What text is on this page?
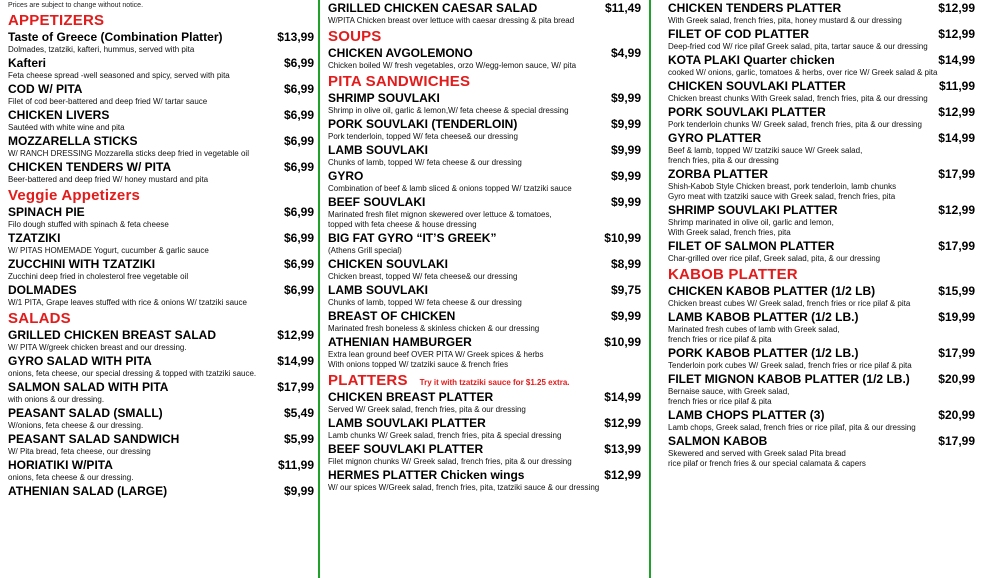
Prices are subject to change without notice.
APPETIZERS
Taste of Greece (Combination Platter)	$13,99
Dolmades, tzatziki, kafteri, hummus, served with pita
Kafteri	$6,99
Feta cheese spread -well seasoned and spicy, served with pita
COD W/ PITA	$6,99
Filet of cod beer-battered and deep fried W/ tartar sauce
CHICKEN LIVERS	$6,99
Sautéed with white wine and pita
MOZZARELLA STICKS	$6,99
W/ RANCH DRESSING Mozzarella sticks deep fried in vegetable oil
CHICKEN TENDERS W/ PITA	$6,99
Beer-battered and deep fried W/ honey mustard and pita
Veggie Appetizers
SPINACH PIE	$6,99
Filo dough stuffed with spinach & feta cheese
TZATZIKI	$6,99
W/ PITAS HOMEMADE Yogurt, cucumber & garlic sauce
ZUCCHINI WITH TZATZIKI	$6,99
Zucchini deep fried in cholesterol free vegetable oil
DOLMADES	$6,99
W/1 PITA, Grape leaves stuffed with rice & onions W/ tzatziki sauce
SALADS
GRILLED CHICKEN BREAST SALAD	$12,99
W/ PITA W/greek chicken breast and our dressing.
GYRO SALAD WITH PITA	$14,99
onions, feta cheese, our special dressing & topped with tzatziki sauce.
SALMON SALAD WITH PITA	$17,99
with onions & our dressing.
PEASANT SALAD (SMALL)	$5,49
W/onions, feta cheese & our dressing.
PEASANT SALAD SANDWICH	$5,99
W/ Pita bread, feta cheese, our dressing
HORIATIKI W/PITA	$11,99
onions, feta cheese & our dressing.
ATHENIAN SALAD (LARGE)	$9,99
GRILLED CHICKEN CAESAR SALAD	$11,49
W/PITA Chicken breast over lettuce with caesar dressing & pita bread
SOUPS
CHICKEN AVGOLEMONO	$4,99
Chicken boiled W/ fresh vegetables, orzo W/egg-lemon sauce, W/ pita
PITA SANDWICHES
SHRIMP SOUVLAKI	$9,99
Shrimp in olive oil, garlic & lemon,W/ feta cheese & special dressing
PORK SOUVLAKI (TENDERLOIN)	$9,99
Pork tenderloin, topped W/ feta cheese& our dressing
LAMB SOUVLAKI	$9,99
Chunks of lamb, topped W/ feta cheese & our dressing
GYRO	$9,99
Combination of beef & lamb sliced & onions topped W/ tzatziki sauce
BEEF SOUVLAKI	$9,99
Marinated fresh filet mignon skewered over lettuce & tomatoes,
topped with feta cheese & house dressing
BIG FAT GYRO “IT’S GREEK”	$10,99
(Athens Grill special)
CHICKEN SOUVLAKI	$8,99
Chicken breast, topped W/ feta cheese& our dressing
LAMB SOUVLAKI	$9,75
Chunks of lamb, topped W/ feta cheese & our dressing
BREAST OF CHICKEN	$9,99
Marinated fresh boneless & skinless chicken & our dressing
ATHENIAN HAMBURGER	$10,99
Extra lean ground beef OVER PITA W/ Greek spices & herbs
With onions topped W/ tzatziki sauce & french fries
PLATTERS Try it with tzatziki sauce for $1.25 extra.
CHICKEN BREAST PLATTER	$14,99
Served W/ Greek salad, french fries, pita & our dressing
LAMB SOUVLAKI PLATTER	$12,99
Lamb chunks W/ Greek salad, french fries, pita & special dressing
BEEF SOUVLAKI PLATTER	$13,99
Filet mignon chunks W/ Greek salad, french fries, pita & our dressing
HERMES PLATTER Chicken wings	$12,99
W/ our spices W/Greek salad, french fries, pita, tzatziki sauce & our dressing
CHICKEN TENDERS PLATTER	$12,99
With Greek salad, french fries, pita, honey mustard & our dressing
FILET OF COD PLATTER	$12,99
Deep-fried cod W/ rice pilaf Greek salad, pita, tartar sauce & our dressing
KOTA PLAKI Quarter chicken	$14,99
cooked W/ onions, garlic, tomatoes & herbs, over rice W/ Greek salad & pita
CHICKEN SOUVLAKI PLATTER	$11,99
Chicken breast chunks With Greek salad, french fries, pita & our dressing
PORK SOUVLAKI PLATTER	$12,99
Pork tenderloin chunks W/ Greek salad, french fries, pita & our dressing
GYRO PLATTER	$14,99
Beef & lamb, topped W/ tzatziki sauce W/ Greek salad,
french fries, pita & our dressing
ZORBA PLATTER	$17,99
Shish-Kabob Style Chicken breast, pork tenderloin, lamb chunks
Gyro meat with tzatziki sauce with Greek salad, french fries, pita
SHRIMP SOUVLAKI PLATTER	$12,99
Shrimp marinated in olive oil, garlic and lemon,
With Greek salad, french fries, pita
FILET OF SALMON PLATTER	$17,99
Char-grilled over rice pilaf, Greek salad, pita, & our dressing
KABOB PLATTER
CHICKEN KABOB PLATTER (1/2 LB)	$15,99
Chicken breast cubes W/ Greek salad, french fries or rice pilaf & pita
LAMB KABOB PLATTER (1/2 LB.)	$19,99
Marinated fresh cubes of lamb with Greek salad,
french fries or rice pilaf & pita
PORK KABOB PLATTER (1/2 LB.)	$17,99
Tenderloin pork cubes W/ Greek salad, french fries or rice pilaf & pita
FILET MIGNON KABOB PLATTER (1/2 LB.)	$20,99
Bernaise sauce, with Greek salad,
french fries or rice pilaf & pita
LAMB CHOPS PLATTER (3)	$20,99
Lamb chops, Greek salad, french fries or rice pilaf, pita & our dressing
SALMON KABOB	$17,99
Skewered and served with Greek salad Pita bread
rice pilaf or french fries & our special calamata & capers
